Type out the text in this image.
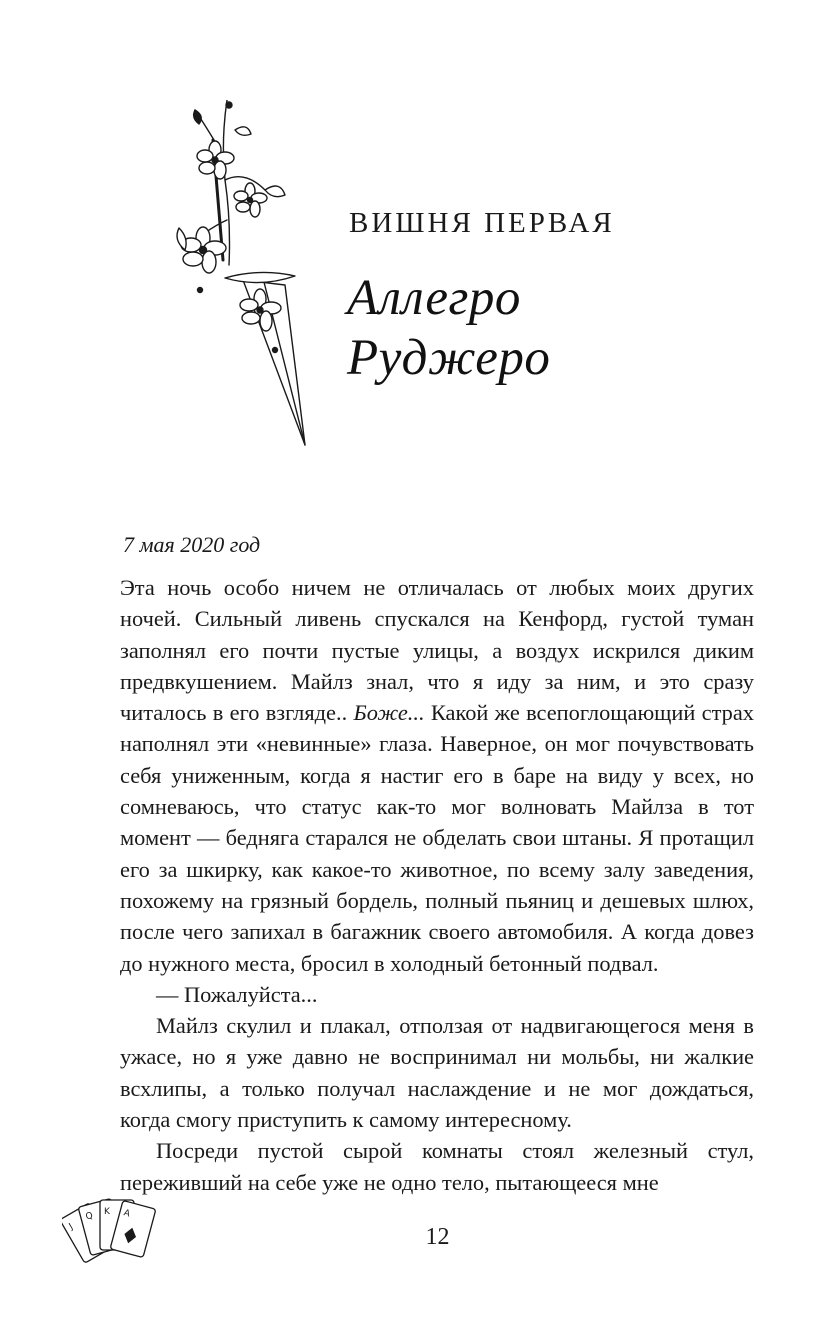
ВИШНЯ ПЕРВАЯ
Аллегро
Руджеро
7 мая 2020 год

Эта ночь особо ничем не отличалась от любых моих других ночей. Сильный ливень спускался на Кенфорд, густой туман заполнял его почти пустые улицы, а воздух искрился диким предвкушением. Майлз знал, что я иду за ним, и это сразу читалось в его взгляде.. Боже... Какой же всепоглощающий страх наполнял эти «невинные» глаза. Наверное, он мог почувствовать себя униженным, когда я настиг его в баре на виду у всех, но сомневаюсь, что статус как-то мог волновать Майлза в тот момент — бедняга старался не обделать свои штаны. Я протащил его за шкирку, как какое-то животное, по всему залу заведения, похожему на грязный бордель, полный пьяниц и дешевых шлюх, после чего запихал в багажник своего автомобиля. А когда довез до нужного места, бросил в холодный бетонный подвал.

— Пожалуйста...

Майлз скулил и плакал, отползая от надвигающегося меня в ужасе, но я уже давно не воспринимал ни мольбы, ни жалкие всхлипы, а только получал наслаждение и не мог дождаться, когда смогу приступить к самому интересному.

Посреди пустой сырой комнаты стоял железный стул, переживший на себе уже не одно тело, пытающееся мне

A
K
Q
J	12
